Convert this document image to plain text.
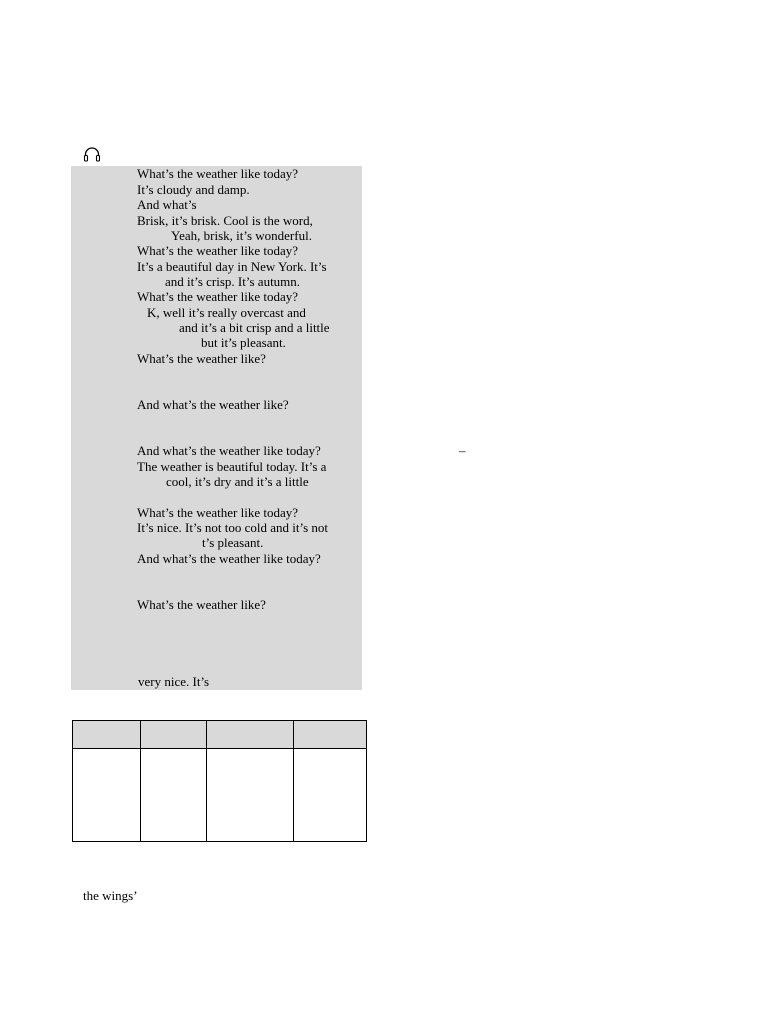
What’s the weather like today?
It’s cloudy and damp.
And what’s
Brisk, it’s brisk. Cool is the word,
Yeah, brisk, it’s wonderful.
What’s the weather like today?
It’s a beautiful day in New York. It’s
and it’s crisp. It’s autumn.
What’s the weather like today?
K, well it’s really overcast and
and it’s a bit crisp and a little
but it’s pleasant.
What’s the weather like?
And what’s the weather like?
And what’s the weather like today?
The weather is beautiful today. It’s a
cool, it’s dry and it’s a little
What’s the weather like today?
It’s nice. It’s not too cold and it’s not
t’s pleasant.
And what’s the weather like today?
What’s the weather like?
very nice. It’s
–

the wings’
